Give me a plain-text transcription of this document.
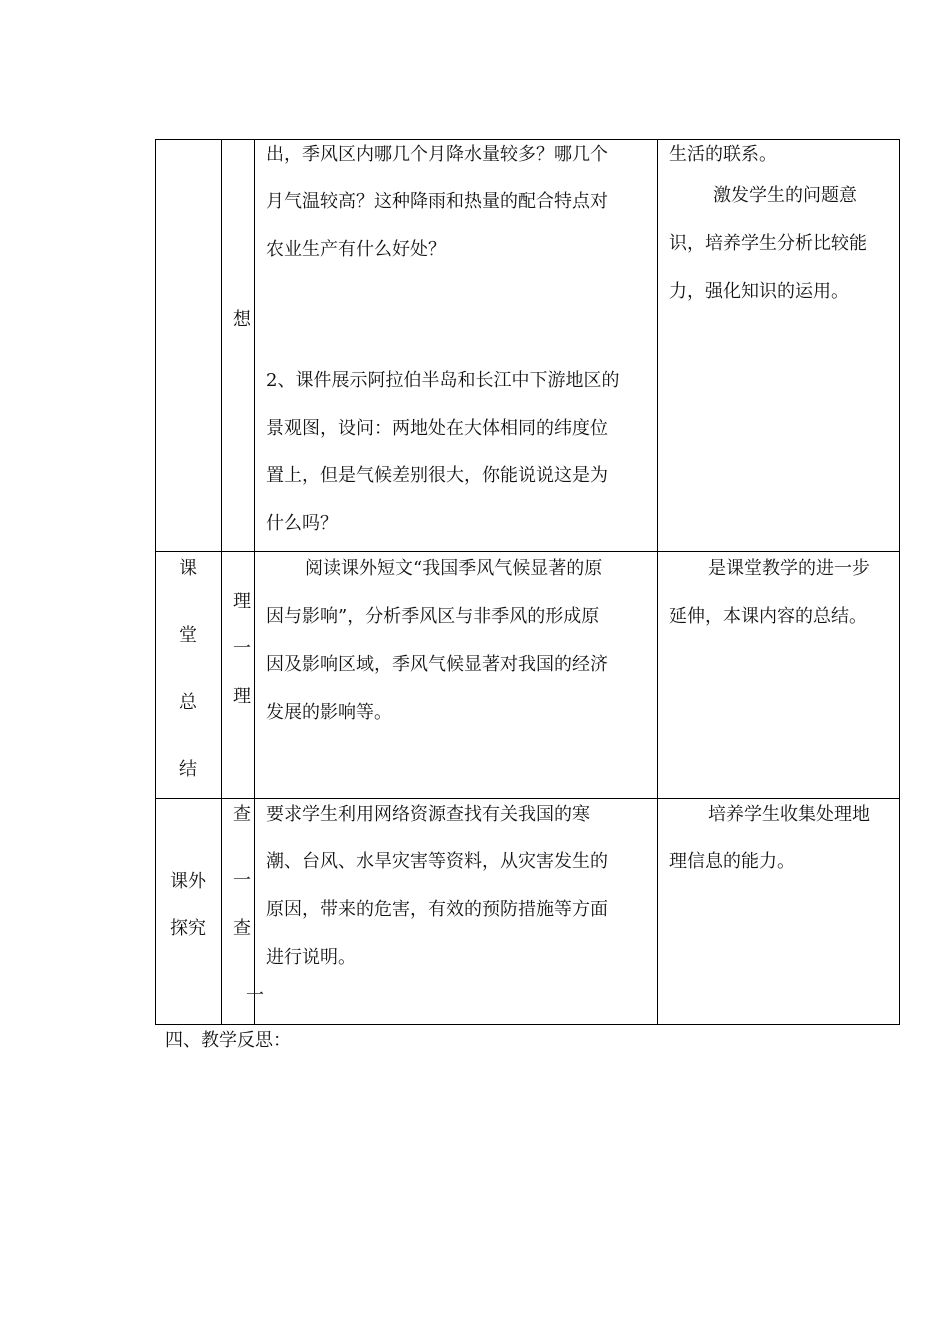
想
出，季风区内哪几个月降水量较多？哪几个
月气温较高？这种降雨和热量的配合特点对
农业生产有什么好处？
2、课件展示阿拉伯半岛和长江中下游地区的
景观图，设问：两地处在大体相同的纬度位
置上，但是气候差别很大，你能说说这是为
什么吗？
生活的联系。
激发学生的问题意
识，培养学生分析比较能
力，强化知识的运用。
课
堂
总
结
理
一
理
阅读课外短文“我国季风气候显著的原
因与影响”，分析季风区与非季风的形成原
因及影响区域，季风气候显著对我国的经济
发展的影响等。
是课堂教学的进一步
延伸，本课内容的总结。
课外
探究
查
一
查
一
要求学生利用网络资源查找有关我国的寒
潮、台风、水旱灾害等资料，从灾害发生的
原因，带来的危害，有效的预防措施等方面
进行说明。
培养学生收集处理地
理信息的能力。
四、教学反思：
